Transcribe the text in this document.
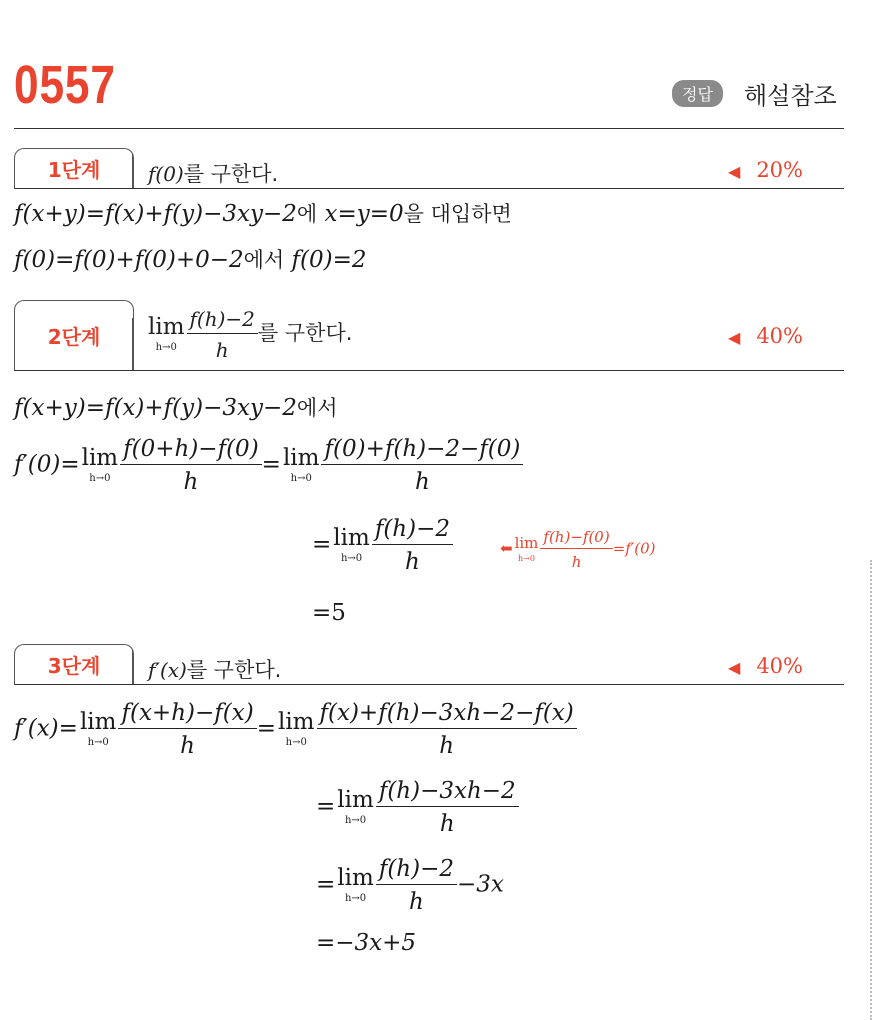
0557	정답	해설참조
1단계	f(0)를 구한다.	◀ 20%
f(x+y)=f(x)+f(y)−3xy−2에 x=y=0을 대입하면
f(0)=f(0)+f(0)+0−2에서 f(0)=2
2단계	lim
$h\to 0 \frac{f(h)-2}{h}$ 를 구한다.	◀ 40%
f(x+y)=f(x)+f(y)−3xy−2에서
f′(0)= lim
$h\to 0 \frac{f(0+h)-f(0)}{h} = \lim$
$h\to 0 \frac{f(0)+f(h)-2-f(0)}{h}$
= lim
$h\to 0 \frac{f(h)-2}{h}$	⬅ lim
$h\to 0 \frac{f(h)-f(0)}{h} =f'(0)$
=5
3단계	f′(x)를 구한다.	◀ 40%
f′(x)= lim
$h\to 0 \frac{f(x+h)-f(x)}{h} = \lim$
$h\to 0 \frac{f(x)+f(h)-3xh-2-f(x)}{h}$
= lim
$h\to 0 \frac{f(h)-3xh-2}{h}$
= lim
$h\to 0 \frac{f(h)-2}{h} -3x$
=−3x+5
